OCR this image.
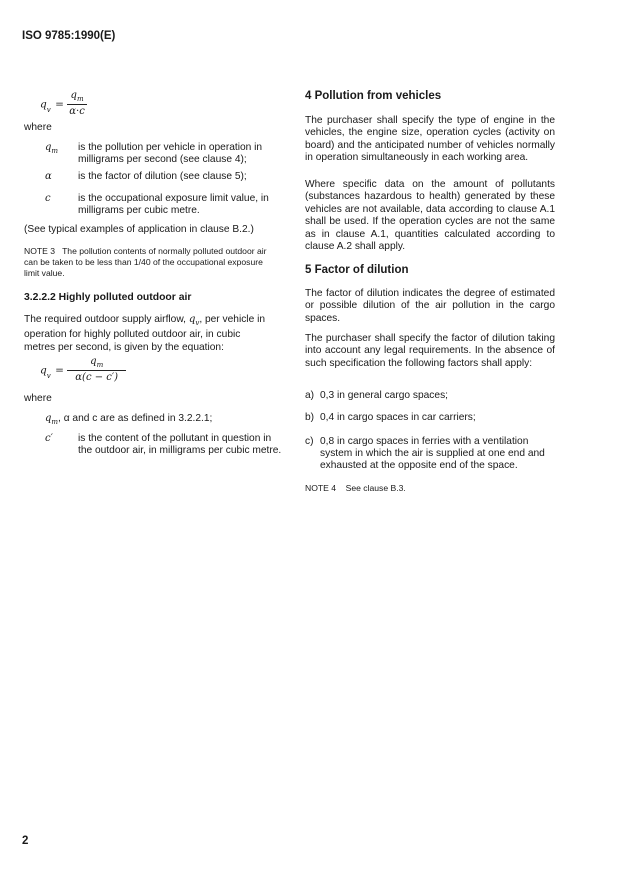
ISO 9785:1990(E)
$q_v = \frac{q_m}{\alpha\cdot c}$
where
$q_m$ is the pollution per vehicle in operation in milligrams per second (see clause 4);
α	is the factor of dilution (see clause 5);
c	is the occupational exposure limit value, in milligrams per cubic metre.
(See typical examples of application in clause B.2.)
NOTE 3 The pollution contents of normally polluted outdoor air can be taken to be less than 1/40 of the occupational exposure limit value.
3.2.2.2 Highly polluted outdoor air
The required outdoor supply airflow, $q_v$, per vehicle in operation for highly polluted outdoor air, in cubic metres per second, is given by the equation:
$q_v = \frac{q_m}{\alpha(c - c')}$
where
$q_m$, α and c are as defined in 3.2.2.1;
c′ is the content of the pollutant in question in the outdoor air, in milligrams per cubic metre.
4 Pollution from vehicles
The purchaser shall specify the type of engine in the vehicles, the engine size, operation cycles (activity on board) and the anticipated number of vehicles normally in operation simultaneously in each working area.
Where specific data on the amount of pollutants (substances hazardous to health) generated by these vehicles are not available, data according to clause A.1 shall be used. If the operation cycles are not the same as in clause A.1, quantities calculated according to clause A.2 shall apply.
5 Factor of dilution
The factor of dilution indicates the degree of estimated or possible dilution of the air pollution in the cargo spaces.
The purchaser shall specify the factor of dilution taking into account any legal requirements. In the absence of such specification the following factors shall apply:
a) 0,3 in general cargo spaces;
b) 0,4 in cargo spaces in car carriers;
c) 0,8 in cargo spaces in ferries with a ventilation system in which the air is supplied at one end and exhausted at the opposite end of the space.
NOTE 4 See clause B.3.
2
